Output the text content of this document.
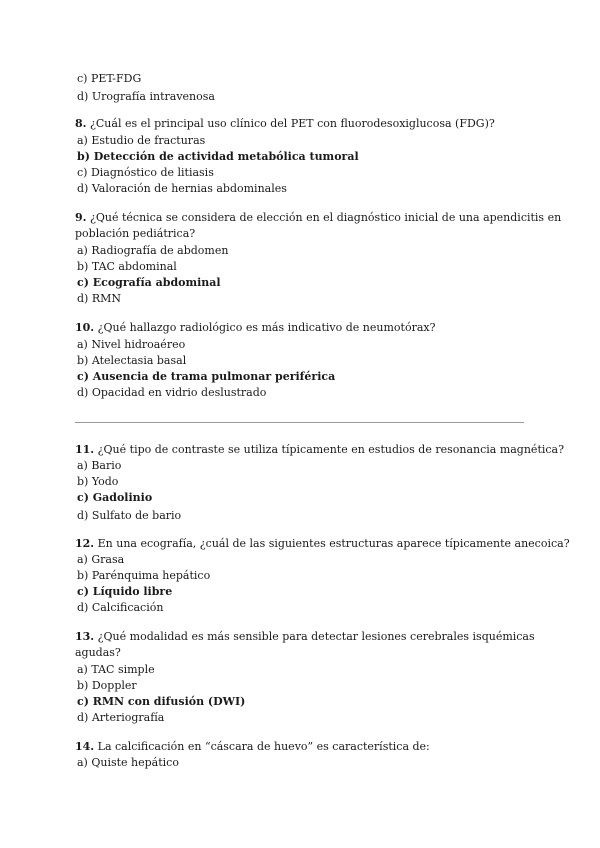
c) PET-FDG
d) Urografía intravenosa
8. ¿Cuál es el principal uso clínico del PET con fluorodesoxiglucosa (FDG)?
a) Estudio de fracturas
b) Detección de actividad metabólica tumoral
c) Diagnóstico de litiasis
d) Valoración de hernias abdominales
9. ¿Qué técnica se considera de elección en el diagnóstico inicial de una apendicitis en
población pediátrica?
a) Radiografía de abdomen
b) TAC abdominal
c) Ecografía abdominal
d) RMN
10. ¿Qué hallazgo radiológico es más indicativo de neumotórax?
a) Nivel hidroaéreo
b) Atelectasia basal
c) Ausencia de trama pulmonar periférica
d) Opacidad en vidrio deslustrado
11. ¿Qué tipo de contraste se utiliza típicamente en estudios de resonancia magnética?
a) Bario
b) Yodo
c) Gadolinio
d) Sulfato de bario
12. En una ecografía, ¿cuál de las siguientes estructuras aparece típicamente anecoica?
a) Grasa
b) Parénquima hepático
c) Líquido libre
d) Calcificación
13. ¿Qué modalidad es más sensible para detectar lesiones cerebrales isquémicas
agudas?
a) TAC simple
b) Doppler
c) RMN con difusión (DWI)
d) Arteriografía
14. La calcificación en “cáscara de huevo” es característica de:
a) Quiste hepático
